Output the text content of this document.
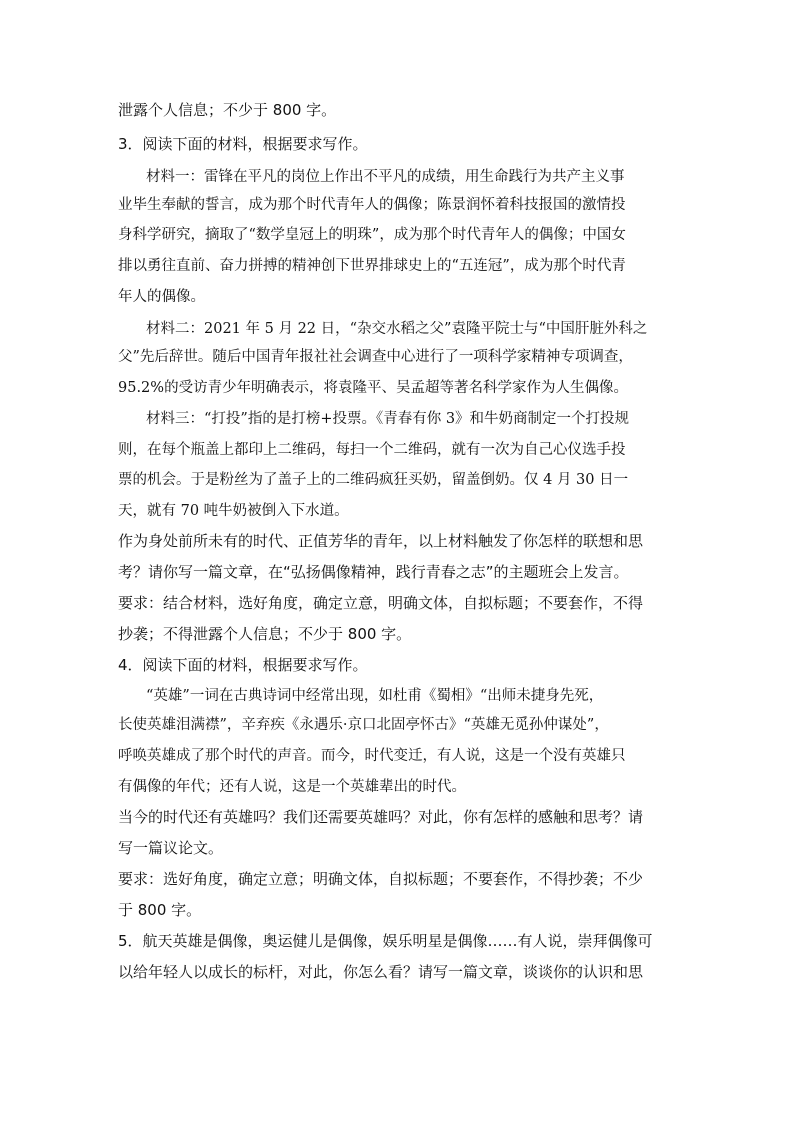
泄露个人信息；不少于 800 字。
3．阅读下面的材料，根据要求写作。
材料一：雷锋在平凡的岗位上作出不平凡的成绩，用生命践行为共产主义事
业毕生奉献的誓言，成为那个时代青年人的偶像；陈景润怀着科技报国的激情投
身科学研究，摘取了“数学皇冠上的明珠”，成为那个时代青年人的偶像；中国女
排以勇往直前、奋力拼搏的精神创下世界排球史上的“五连冠”，成为那个时代青
年人的偶像。
材料二：2021 年 5 月 22 日，“杂交水稻之父”袁隆平院士与“中国肝脏外科之
父”先后辞世。随后中国青年报社社会调查中心进行了一项科学家精神专项调查，
95.2%的受访青少年明确表示，将袁隆平、吴孟超等著名科学家作为人生偶像。
材料三：“打投”指的是打榜+投票。《青春有你 3》和牛奶商制定一个打投规
则，在每个瓶盖上都印上二维码，每扫一个二维码，就有一次为自己心仪选手投
票的机会。于是粉丝为了盖子上的二维码疯狂买奶，留盖倒奶。仅 4 月 30 日一
天，就有 70 吨牛奶被倒入下水道。
作为身处前所未有的时代、正值芳华的青年，以上材料触发了你怎样的联想和思
考？请你写一篇文章，在“弘扬偶像精神，践行青春之志”的主题班会上发言。
要求：结合材料，选好角度，确定立意，明确文体，自拟标题；不要套作，不得
抄袭；不得泄露个人信息；不少于 800 字。
4．阅读下面的材料，根据要求写作。
“英雄”一词在古典诗词中经常出现，如杜甫《蜀相》“出师未捷身先死，
长使英雄泪满襟”，辛弃疾《永遇乐·京口北固亭怀古》“英雄无觅孙仲谋处”，
呼唤英雄成了那个时代的声音。而今，时代变迁，有人说，这是一个没有英雄只
有偶像的年代；还有人说，这是一个英雄辈出的时代。
当今的时代还有英雄吗？我们还需要英雄吗？对此，你有怎样的感触和思考？请
写一篇议论文。
要求：选好角度，确定立意；明确文体，自拟标题；不要套作，不得抄袭；不少
于 800 字。
5．航天英雄是偶像，奥运健儿是偶像，娱乐明星是偶像……有人说，崇拜偶像可
以给年轻人以成长的标杆，对此，你怎么看？请写一篇文章，谈谈你的认识和思
